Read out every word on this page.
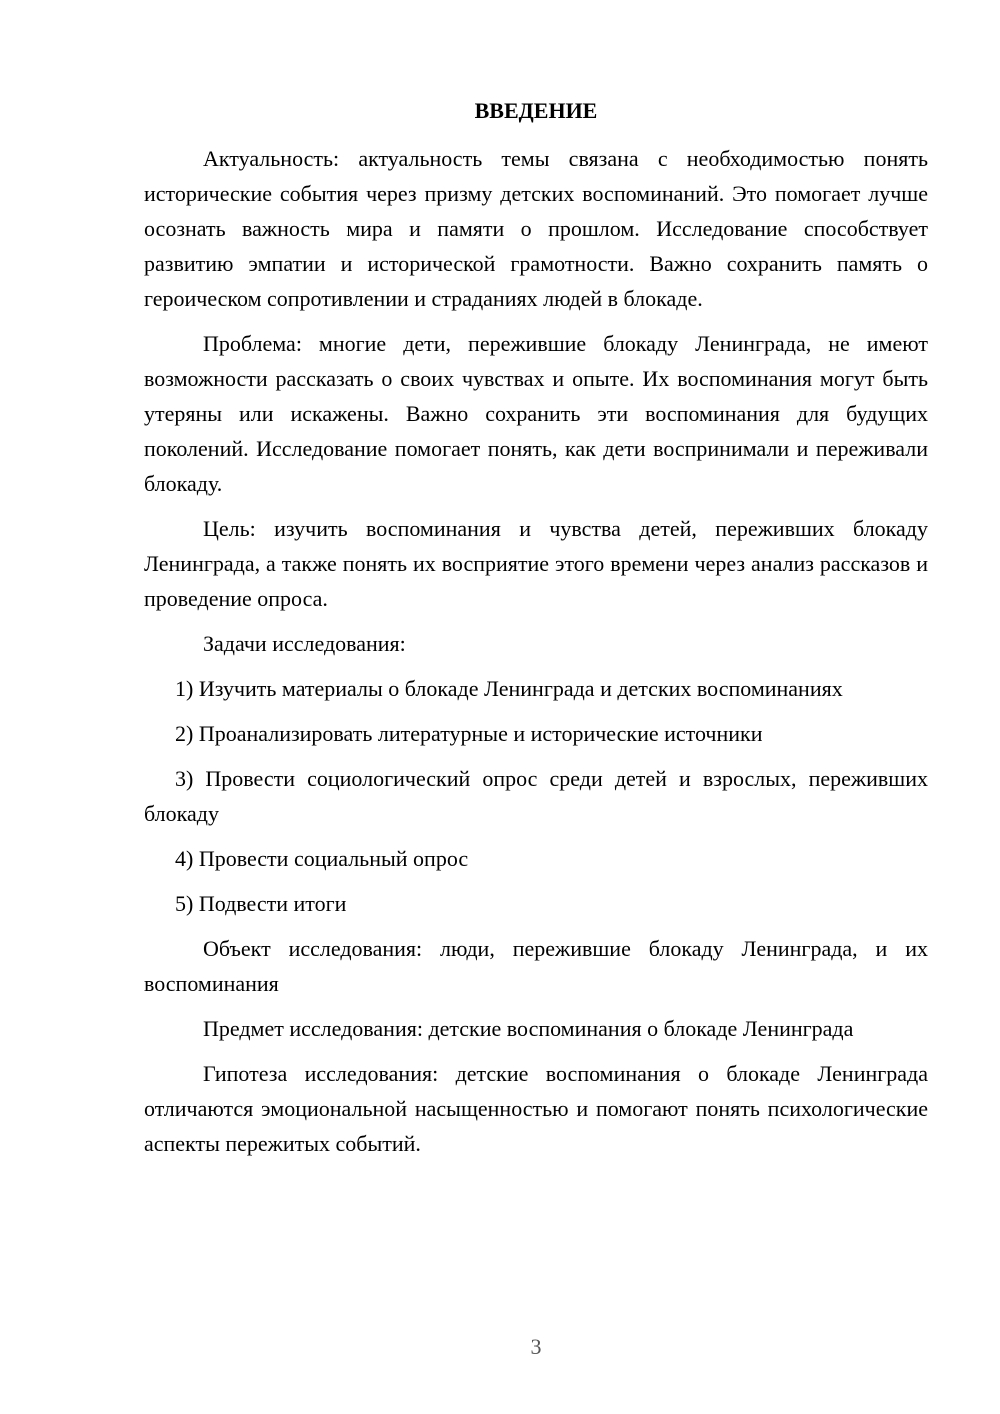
ВВЕДЕНИЕ

Актуальность: актуальность темы связана с необходимостью понять исторические события через призму детских воспоминаний. Это помогает лучше осознать важность мира и памяти о прошлом. Исследование способствует развитию эмпатии и исторической грамотности. Важно сохранить память о героическом сопротивлении и страданиях людей в блокаде.

Проблема: многие дети, пережившие блокаду Ленинграда, не имеют возможности рассказать о своих чувствах и опыте. Их воспоминания могут быть утеряны или искажены. Важно сохранить эти воспоминания для будущих поколений. Исследование помогает понять, как дети воспринимали и переживали блокаду.

Цель: изучить воспоминания и чувства детей, переживших блокаду Ленинграда, а также понять их восприятие этого времени через анализ рассказов и проведение опроса.

Задачи исследования:

1) Изучить материалы о блокаде Ленинграда и детских воспоминаниях

2) Проанализировать литературные и исторические источники

3) Провести социологический опрос среди детей и взрослых, переживших блокаду

4) Провести социальный опрос

5) Подвести итоги

Объект исследования: люди, пережившие блокаду Ленинграда, и их воспоминания

Предмет исследования: детские воспоминания о блокаде Ленинграда

Гипотеза исследования: детские воспоминания о блокаде Ленинграда отличаются эмоциональной насыщенностью и помогают понять психологические аспекты пережитых событий.

3
